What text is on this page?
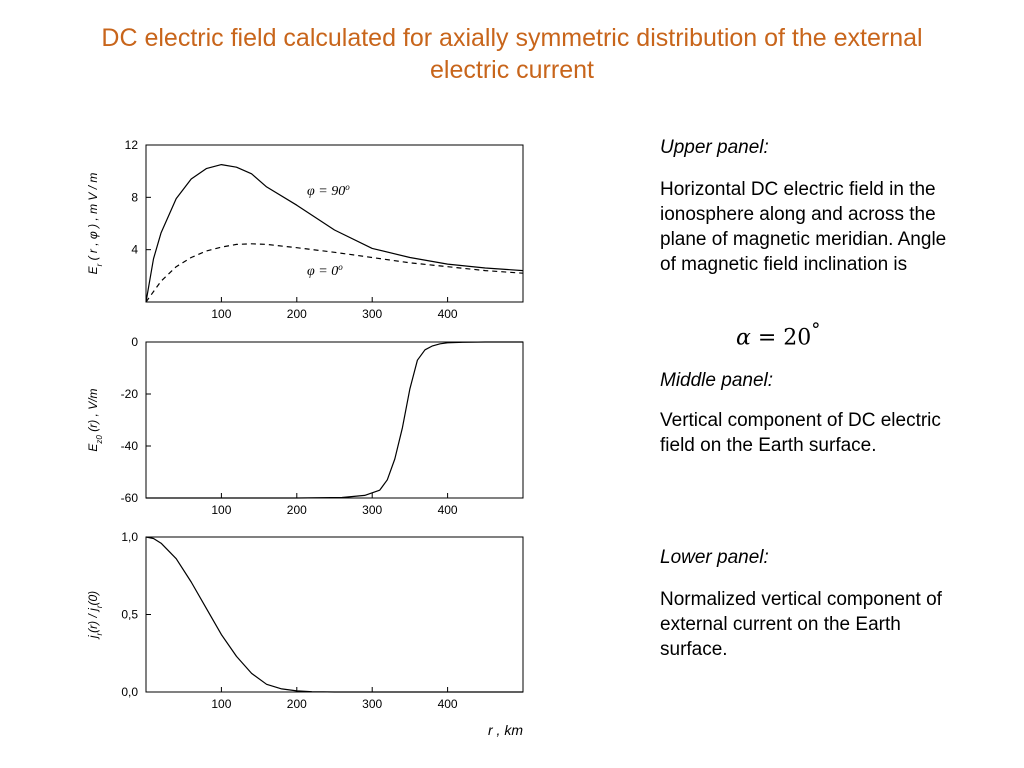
DC electric field calculated for axially symmetric distribution of the external electric current
100	200	300	400
4
8
12
$E_r$ ( r , φ ) , m V / m	$\varphi = 90^o$
$\varphi = 0^o$
100	200	300	400
0
-20
-40
-60
$E_{z0}$ (r) , V/m
100	200	300	400
0,0
0,5
1,0
$j_r(r) / j_r(0)$
r , km
Upper panel:
Horizontal DC electric field in the ionosphere along and across the plane of magnetic meridian. Angle of magnetic field inclination is
α = 20°
Middle panel:
Vertical component of DC electric field on the Earth surface.
Lower panel:
Normalized vertical component of external current on the Earth surface.
